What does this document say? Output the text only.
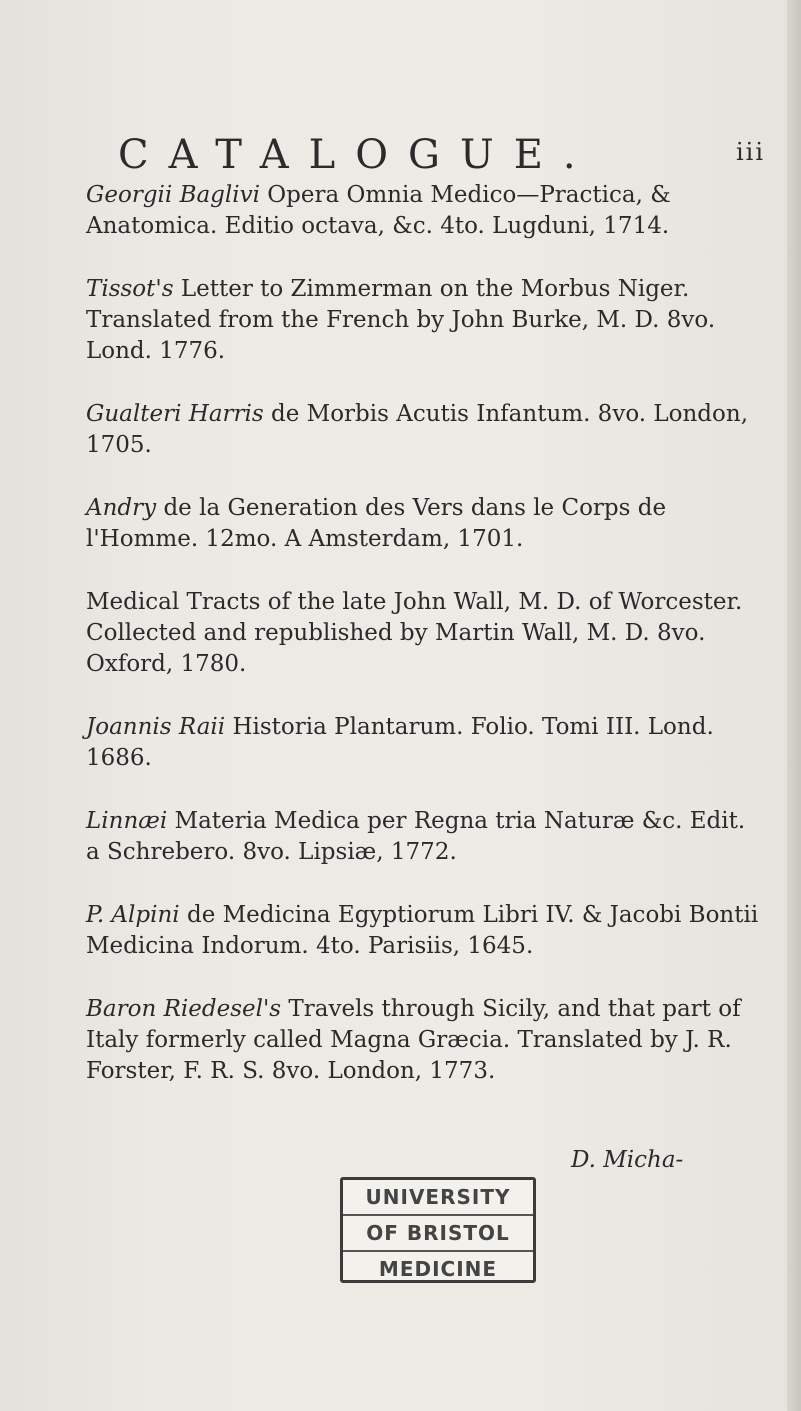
CATALOGUE.	iii

Georgii Baglivi Opera Omnia Medico—Practica, & Anatomica. Editio octava, &c. 4to. Lugduni, 1714.

Tissot's Letter to Zimmerman on the Morbus Niger. Translated from the French by John Burke, M. D. 8vo. Lond. 1776.

Gualteri Harris de Morbis Acutis Infantum. 8vo. London, 1705.

Andry de la Generation des Vers dans le Corps de l'Homme. 12mo. A Amsterdam, 1701.

Medical Tracts of the late John Wall, M. D. of Worcester. Collected and republished by Martin Wall, M. D. 8vo. Oxford, 1780.

Joannis Raii Historia Plantarum. Folio. Tomi III. Lond. 1686.

Linnæi Materia Medica per Regna tria Naturæ &c. Edit. a Schrebero. 8vo. Lipsiæ, 1772.

P. Alpini de Medicina Egyptiorum Libri IV. & Jacobi Bontii Medicina Indorum. 4to. Parisiis, 1645.

Baron Riedesel's Travels through Sicily, and that part of Italy formerly called Magna Græcia. Translated by J. R. Forster, F. R. S. 8vo. London, 1773.

D. Micha-
UNIVERSITY
OF BRISTOL
MEDICINE
